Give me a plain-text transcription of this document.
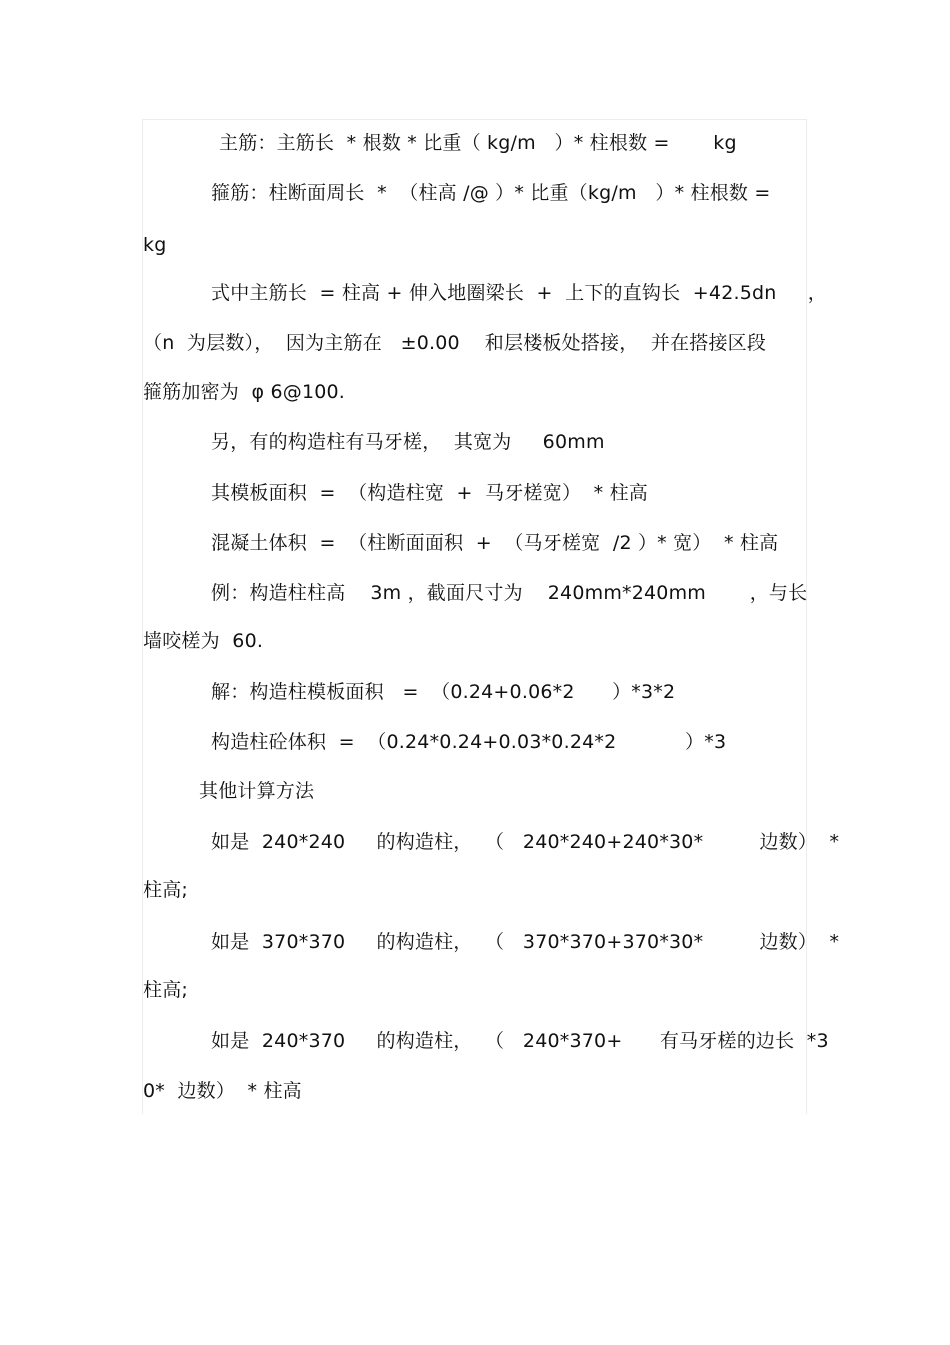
主筋：主筋长  * 根数 * 比重（ kg/m   ）* 柱根数 =       kg
箍筋：柱断面周长  *  （柱高 /@ ）* 比重（kg/m   ）* 柱根数 =
kg
式中主筋长  = 柱高 + 伸入地圈梁长  +  上下的直钩长  +42.5dn     ，
（n  为层数），  因为主筋在   ±0.00    和层楼板处搭接，  并在搭接区段
箍筋加密为  φ 6@100.
另，有的构造柱有马牙槎，  其宽为     60mm
其模板面积  =  （构造柱宽  +  马牙槎宽）  * 柱高
混凝土体积  =  （柱断面面积  +  （马牙槎宽  /2 ）* 宽）  * 柱高
例：构造柱柱高    3m ，截面尺寸为    240mm*240mm       ，与长
墙咬槎为  60.
解：构造柱模板面积   =  （0.24+0.06*2      ）*3*2
构造柱砼体积  =  （0.24*0.24+0.03*0.24*2           ）*3
其他计算方法
如是  240*240     的构造柱，  （   240*240+240*30*         边数）  *
柱高;
如是  370*370     的构造柱，  （   370*370+370*30*         边数）  *
柱高;
如是  240*370     的构造柱，  （   240*370+      有马牙槎的边长  *3
0*  边数）  * 柱高
